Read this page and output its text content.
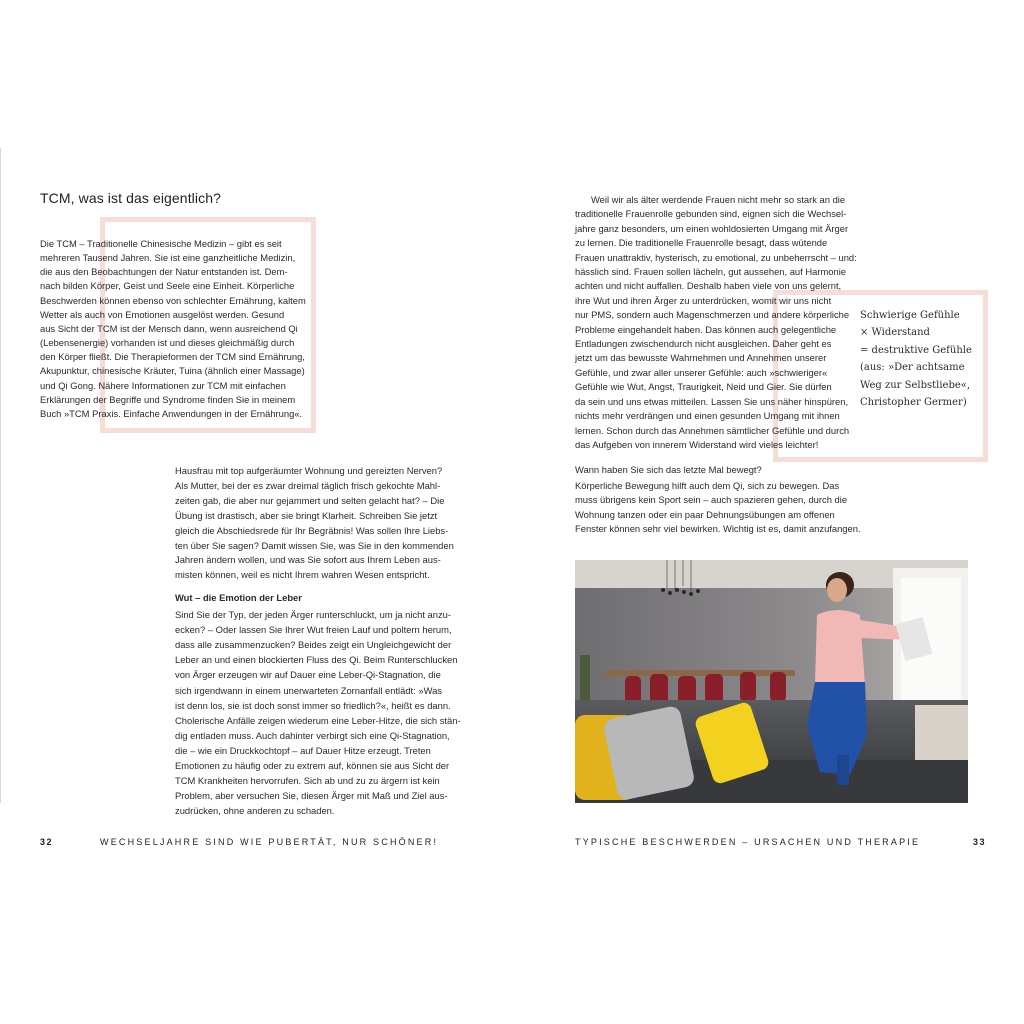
TCM, was ist das eigentlich?

Die TCM – Traditionelle Chinesische Medizin – gibt es seit

mehreren Tausend Jahren. Sie ist eine ganzheitliche Medizin,

die aus den Beobachtungen der Natur entstanden ist. Dem-

nach bilden Körper, Geist und Seele eine Einheit. Körperliche

Beschwerden können ebenso von schlechter Ernährung, kaltem

Wetter als auch von Emotionen ausgelöst werden. Gesund

aus Sicht der TCM ist der Mensch dann, wenn ausreichend Qi

(Lebensenergie) vorhanden ist und dieses gleichmäßig durch

den Körper fließt. Die Therapieformen der TCM sind Ernährung,

Akupunktur, chinesische Kräuter, Tuina (ähnlich einer Massage)

und Qi Gong. Nähere Informationen zur TCM mit einfachen

Erklärungen der Begriffe und Syndrome finden Sie in meinem

Buch »TCM Praxis. Einfache Anwendungen in der Ernährung«.

Hausfrau mit top aufgeräumter Wohnung und gereizten Nerven?

Als Mutter, bei der es zwar dreimal täglich frisch gekochte Mahl-

zeiten gab, die aber nur gejammert und selten gelacht hat? – Die

Übung ist drastisch, aber sie bringt Klarheit. Schreiben Sie jetzt

gleich die Abschiedsrede für Ihr Begräbnis! Was sollen Ihre Liebs-

ten über Sie sagen? Damit wissen Sie, was Sie in den kommenden

Jahren ändern wollen, und was Sie sofort aus Ihrem Leben aus-

misten können, weil es nicht Ihrem wahren Wesen entspricht.

Wut – die Emotion der Leber

Sind Sie der Typ, der jeden Ärger runterschluckt, um ja nicht anzu-

ecken? – Oder lassen Sie Ihrer Wut freien Lauf und poltern herum,

dass alle zusammenzucken? Beides zeigt ein Ungleichgewicht der

Leber an und einen blockierten Fluss des Qi. Beim Runterschlucken

von Ärger erzeugen wir auf Dauer eine Leber-Qi-Stagnation, die

sich irgendwann in einem unerwarteten Zornanfall entlädt: »Was

ist denn los, sie ist doch sonst immer so friedlich?«, heißt es dann.

Cholerische Anfälle zeigen wiederum eine Leber-Hitze, die sich stän-

dig entladen muss. Auch dahinter verbirgt sich eine Qi-Stagnation,

die – wie ein Druckkochtopf – auf Dauer Hitze erzeugt. Treten

Emotionen zu häufig oder zu extrem auf, können sie aus Sicht der

TCM Krankheiten hervorrufen. Sich ab und zu zu ärgern ist kein

Problem, aber versuchen Sie, diesen Ärger mit Maß und Ziel aus-

zudrücken, ohne anderen zu schaden.

32	WECHSELJAHRE SIND WIE PUBERTÄT, NUR SCHÖNER!

Weil wir als älter werdende Frauen nicht mehr so stark an die

traditionelle Frauenrolle gebunden sind, eignen sich die Wechsel-

jahre ganz besonders, um einen wohldosierten Umgang mit Ärger

zu lernen. Die traditionelle Frauenrolle besagt, dass wütende

Frauen unattraktiv, hysterisch, zu emotional, zu unbeherrscht – und:

hässlich sind. Frauen sollen lächeln, gut aussehen, auf Harmonie

achten und nicht auffallen. Deshalb haben viele von uns gelernt,

ihre Wut und ihren Ärger zu unterdrücken, womit wir uns nicht

nur PMS, sondern auch Magenschmerzen und andere körperliche

Probleme eingehandelt haben. Das können auch gelegentliche

Entladungen zwischendurch nicht ausgleichen. Daher geht es

jetzt um das bewusste Wahrnehmen und Annehmen unserer

Gefühle, und zwar aller unserer Gefühle: auch »schwieriger«

Gefühle wie Wut, Angst, Traurigkeit, Neid und Gier. Sie dürfen

da sein und uns etwas mitteilen. Lassen Sie uns näher hinspüren,

nichts mehr verdrängen und einen gesunden Umgang mit ihnen

lernen. Schon durch das Annehmen sämtlicher Gefühle und durch

das Aufgeben von innerem Widerstand wird vieles leichter!

Wann haben Sie sich das letzte Mal bewegt?

Körperliche Bewegung hilft auch dem Qi, sich zu bewegen. Das

muss übrigens kein Sport sein – auch spazieren gehen, durch die

Wohnung tanzen oder ein paar Dehnungsübungen am offenen

Fenster können sehr viel bewirken. Wichtig ist es, damit anzufangen.

Schwierige Gefühle
× Widerstand
= destruktive Gefühle
(aus: »Der achtsame
Weg zur Selbstliebe«,
Christopher Germer)
TYPISCHE BESCHWERDEN – URSACHEN UND THERAPIE	33
